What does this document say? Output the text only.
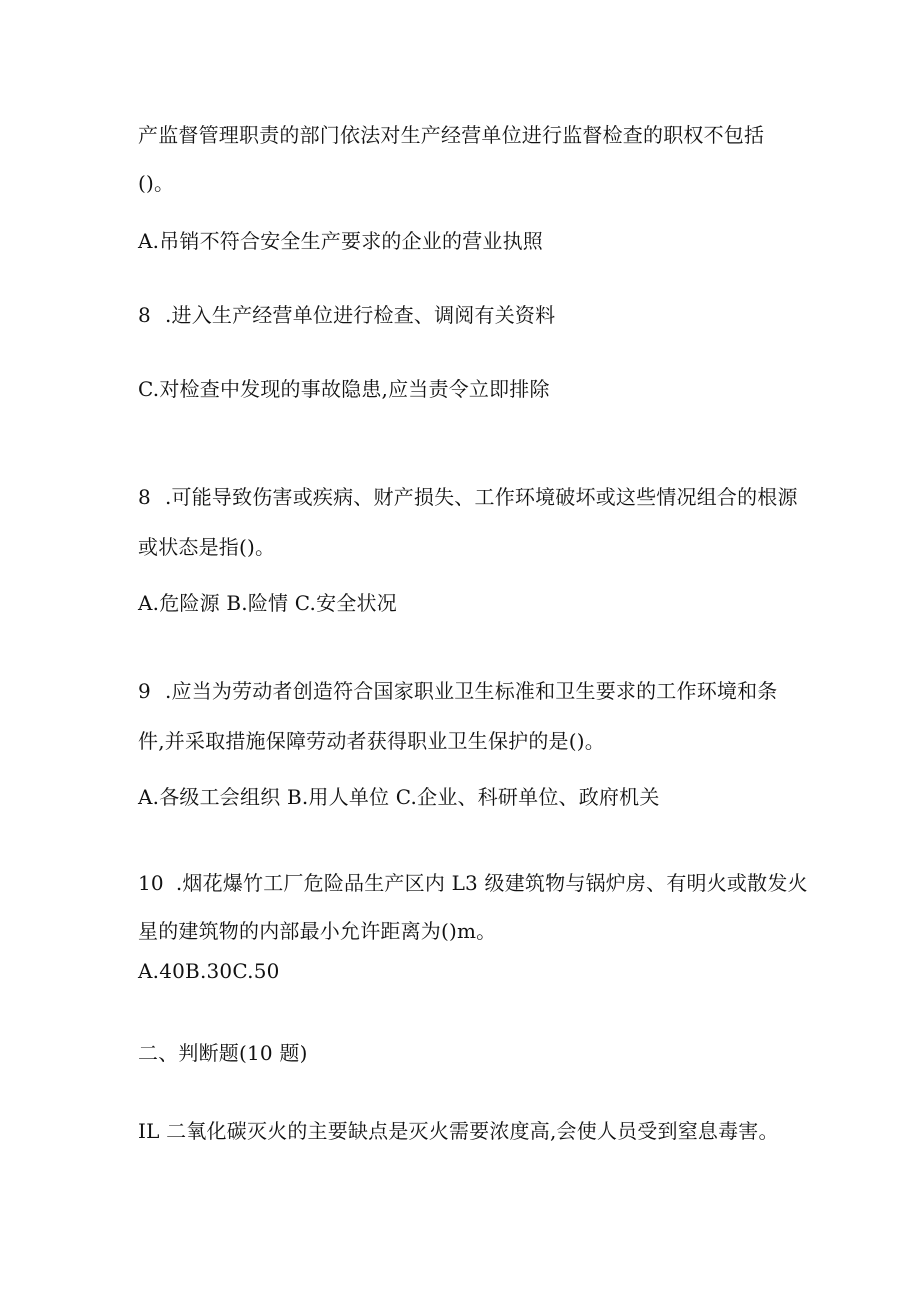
产监督管理职责的部门依法对生产经营单位进行监督检查的职权不包括
()。
A.吊销不符合安全生产要求的企业的营业执照
8 .进入生产经营单位进行检查、调阅有关资料
C.对检查中发现的事故隐患,应当责令立即排除
8 .可能导致伤害或疾病、财产损失、工作环境破坏或这些情况组合的根源
或状态是指()。
A.危险源 B.险情 C.安全状况
9 .应当为劳动者创造符合国家职业卫生标准和卫生要求的工作环境和条
件,并采取措施保障劳动者获得职业卫生保护的是()。
A.各级工会组织 B.用人单位 C.企业、科研单位、政府机关
10 .烟花爆竹工厂危险品生产区内 L3 级建筑物与锅炉房、有明火或散发火
星的建筑物的内部最小允许距离为()m。
A.40B.30C.50
二、判断题(10 题)
IL 二氧化碳灭火的主要缺点是灭火需要浓度高,会使人员受到窒息毒害。
